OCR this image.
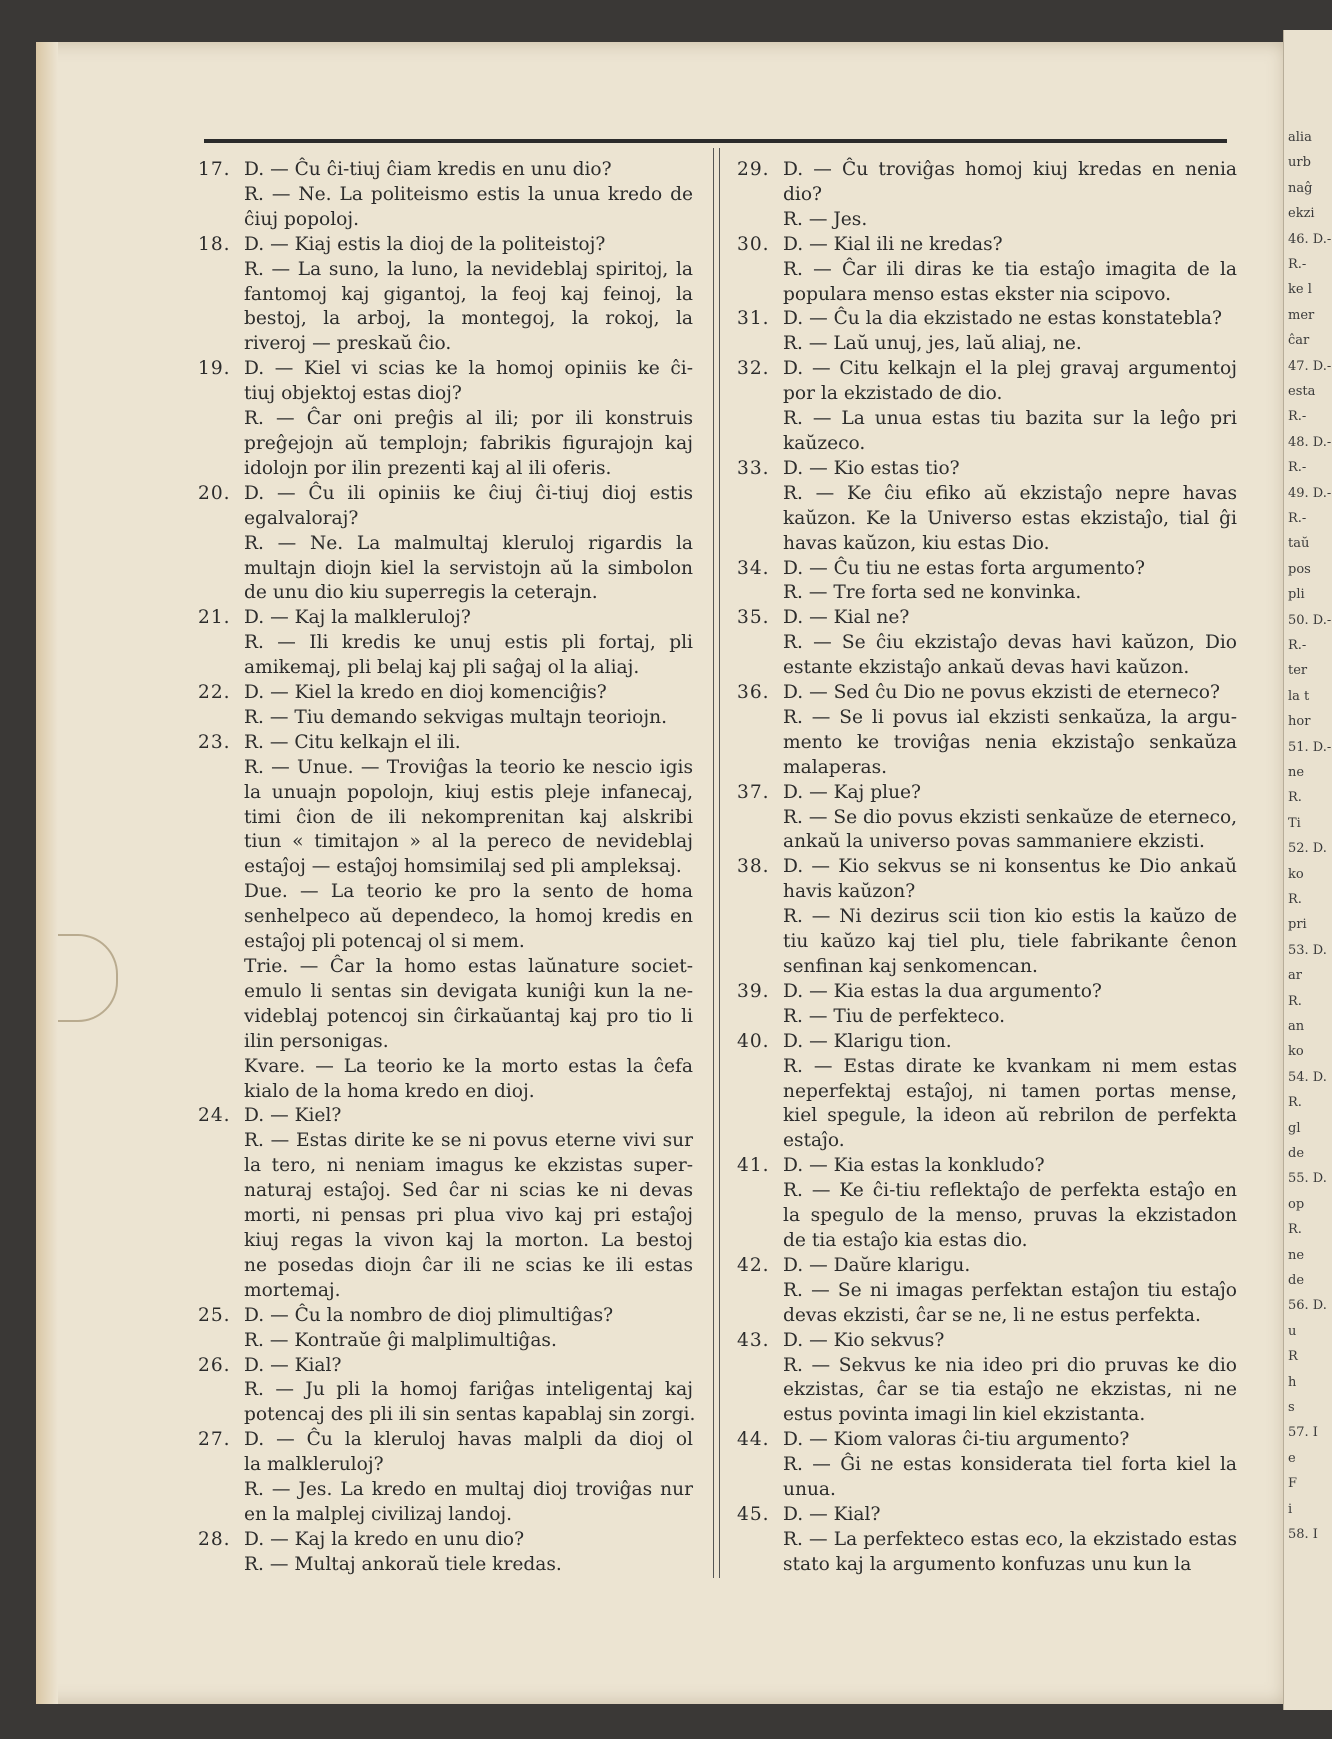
alia
urb
naĝ
ekzi
46. D.-
R.-
ke l
mer
ĉar
47. D.-
esta
R.-
48. D.-
R.-
49. D.-
R.-
taŭ
pos
pli
50. D.-
R.-
ter
la t
hor
51. D.-
ne
R.
Ti
52. D.
ko
R.
pri
53. D.
ar
R.
an
ko
54. D.
R.
gl
de
55. D.
op
R.
ne
de
56. D.
u
R
h
s
57. I
e
F
i
58. I
17. D. — Ĉu ĉi-tiuj ĉiam kredis en unu dio?
R. — Ne. La politeismo estis la unua kredo de
ĉiuj popoloj.
18. D. — Kiaj estis la dioj de la politeistoj?
R. — La suno, la luno, la nevideblaj spiritoj, la
fantomoj kaj gigantoj, la feoj kaj feinoj, la
bestoj, la arboj, la montegoj, la rokoj, la
riveroj — preskaŭ ĉio.
19. D. — Kiel vi scias ke la homoj opiniis ke ĉi-
tiuj objektoj estas dioj?
R. — Ĉar oni preĝis al ili; por ili konstruis
preĝejojn aŭ templojn; fabrikis figurajojn kaj
idolojn por ilin prezenti kaj al ili oferis.
20. D. — Ĉu ili opiniis ke ĉiuj ĉi-tiuj dioj estis
egalvaloraj?
R. — Ne. La malmultaj kleruloj rigardis la
multajn diojn kiel la servistojn aŭ la simbolon
de unu dio kiu superregis la ceterajn.
21. D. — Kaj la malkleruloj?
R. — Ili kredis ke unuj estis pli fortaj, pli
amikemaj, pli belaj kaj pli saĝaj ol la aliaj.
22. D. — Kiel la kredo en dioj komenciĝis?
R. — Tiu demando sekvigas multajn teoriojn.
23. R. — Citu kelkajn el ili.
R. — Unue. — Troviĝas la teorio ke nescio igis
la unuajn popolojn, kiuj estis pleje infanecaj,
timi ĉion de ili nekomprenitan kaj alskribi
tiun « timitajon » al la pereco de nevideblaj
estaĵoj — estaĵoj homsimilaj sed pli ampleksaj.
Due. — La teorio ke pro la sento de homa
senhelpeco aŭ dependeco, la homoj kredis en
estaĵoj pli potencaj ol si mem.
Trie. — Ĉar la homo estas laŭnature societ-
emulo li sentas sin devigata kuniĝi kun la ne-
videblaj potencoj sin ĉirkaŭantaj kaj pro tio li
ilin personigas.
Kvare. — La teorio ke la morto estas la ĉefa
kialo de la homa kredo en dioj.
24. D. — Kiel?
R. — Estas dirite ke se ni povus eterne vivi sur
la tero, ni neniam imagus ke ekzistas super-
naturaj estaĵoj. Sed ĉar ni scias ke ni devas
morti, ni pensas pri plua vivo kaj pri estaĵoj
kiuj regas la vivon kaj la morton. La bestoj
ne posedas diojn ĉar ili ne scias ke ili estas
mortemaj.
25. D. — Ĉu la nombro de dioj plimultiĝas?
R. — Kontraŭe ĝi malplimultiĝas.
26. D. — Kial?
R. — Ju pli la homoj fariĝas inteligentaj kaj
potencaj des pli ili sin sentas kapablaj sin zorgi.
27. D. — Ĉu la kleruloj havas malpli da dioj ol
la malkleruloj?
R. — Jes. La kredo en multaj dioj troviĝas nur
en la malplej civilizaj landoj.
28. D. — Kaj la kredo en unu dio?
R. — Multaj ankoraŭ tiele kredas.
29. D. — Ĉu troviĝas homoj kiuj kredas en nenia
dio?
R. — Jes.
30. D. — Kial ili ne kredas?
R. — Ĉar ili diras ke tia estaĵo imagita de la
populara menso estas ekster nia scipovo.
31. D. — Ĉu la dia ekzistado ne estas konstatebla?
R. — Laŭ unuj, jes, laŭ aliaj, ne.
32. D. — Citu kelkajn el la plej gravaj argumentoj
por la ekzistado de dio.
R. — La unua estas tiu bazita sur la leĝo pri
kaŭzeco.
33. D. — Kio estas tio?
R. — Ke ĉiu efiko aŭ ekzistaĵo nepre havas
kaŭzon. Ke la Universo estas ekzistaĵo, tial ĝi
havas kaŭzon, kiu estas Dio.
34. D. — Ĉu tiu ne estas forta argumento?
R. — Tre forta sed ne konvinka.
35. D. — Kial ne?
R. — Se ĉiu ekzistaĵo devas havi kaŭzon, Dio
estante ekzistaĵo ankaŭ devas havi kaŭzon.
36. D. — Sed ĉu Dio ne povus ekzisti de eterneco?
R. — Se li povus ial ekzisti senkaŭza, la argu-
mento ke troviĝas nenia ekzistaĵo senkaŭza
malaperas.
37. D. — Kaj plue?
R. — Se dio povus ekzisti senkaŭze de eterneco,
ankaŭ la universo povas sammaniere ekzisti.
38. D. — Kio sekvus se ni konsentus ke Dio ankaŭ
havis kaŭzon?
R. — Ni dezirus scii tion kio estis la kaŭzo de
tiu kaŭzo kaj tiel plu, tiele fabrikante ĉenon
senfinan kaj senkomencan.
39. D. — Kia estas la dua argumento?
R. — Tiu de perfekteco.
40. D. — Klarigu tion.
R. — Estas dirate ke kvankam ni mem estas
neperfektaj estaĵoj, ni tamen portas mense,
kiel spegule, la ideon aŭ rebrilon de perfekta
estaĵo.
41. D. — Kia estas la konkludo?
R. — Ke ĉi-tiu reflektaĵo de perfekta estaĵo en
la spegulo de la menso, pruvas la ekzistadon
de tia estaĵo kia estas dio.
42. D. — Daŭre klarigu.
R. — Se ni imagas perfektan estaĵon tiu estaĵo
devas ekzisti, ĉar se ne, li ne estus perfekta.
43. D. — Kio sekvus?
R. — Sekvus ke nia ideo pri dio pruvas ke dio
ekzistas, ĉar se tia estaĵo ne ekzistas, ni ne
estus povinta imagi lin kiel ekzistanta.
44. D. — Kiom valoras ĉi-tiu argumento?
R. — Ĝi ne estas konsiderata tiel forta kiel la
unua.
45. D. — Kial?
R. — La perfekteco estas eco, la ekzistado estas
stato kaj la argumento konfuzas unu kun la
